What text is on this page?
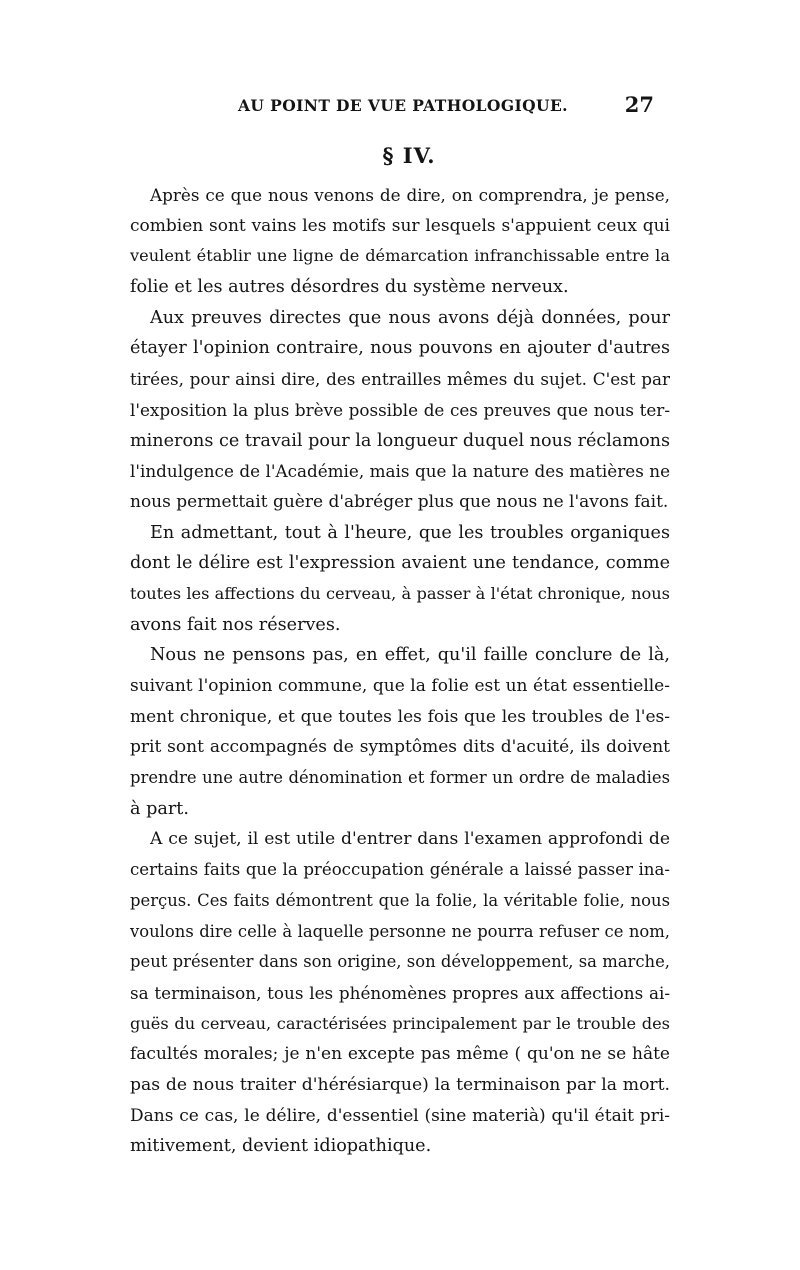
AU POINT DE VUE PATHOLOGIQUE.	27
§ IV.
Après ce que nous venons de dire, on comprendra, je pense,
combien sont vains les motifs sur lesquels s'appuient ceux qui
veulent établir une ligne de démarcation infranchissable entre la
folie et les autres désordres du système nerveux.
Aux preuves directes que nous avons déjà données, pour
étayer l'opinion contraire, nous pouvons en ajouter d'autres
tirées, pour ainsi dire, des entrailles mêmes du sujet. C'est par
l'exposition la plus brève possible de ces preuves que nous ter-
minerons ce travail pour la longueur duquel nous réclamons
l'indulgence de l'Académie, mais que la nature des matières ne
nous permettait guère d'abréger plus que nous ne l'avons fait.
En admettant, tout à l'heure, que les troubles organiques
dont le délire est l'expression avaient une tendance, comme
toutes les affections du cerveau, à passer à l'état chronique, nous
avons fait nos réserves.
Nous ne pensons pas, en effet, qu'il faille conclure de là,
suivant l'opinion commune, que la folie est un état essentielle-
ment chronique, et que toutes les fois que les troubles de l'es-
prit sont accompagnés de symptômes dits d'acuité, ils doivent
prendre une autre dénomination et former un ordre de maladies
à part.
A ce sujet, il est utile d'entrer dans l'examen approfondi de
certains faits que la préoccupation générale a laissé passer ina-
perçus. Ces faits démontrent que la folie, la véritable folie, nous
voulons dire celle à laquelle personne ne pourra refuser ce nom,
peut présenter dans son origine, son développement, sa marche,
sa terminaison, tous les phénomènes propres aux affections ai-
guës du cerveau, caractérisées principalement par le trouble des
facultés morales; je n'en excepte pas même ( qu'on ne se hâte
pas de nous traiter d'hérésiarque) la terminaison par la mort.
Dans ce cas, le délire, d'essentiel (sine materià) qu'il était pri-
mitivement, devient idiopathique.
